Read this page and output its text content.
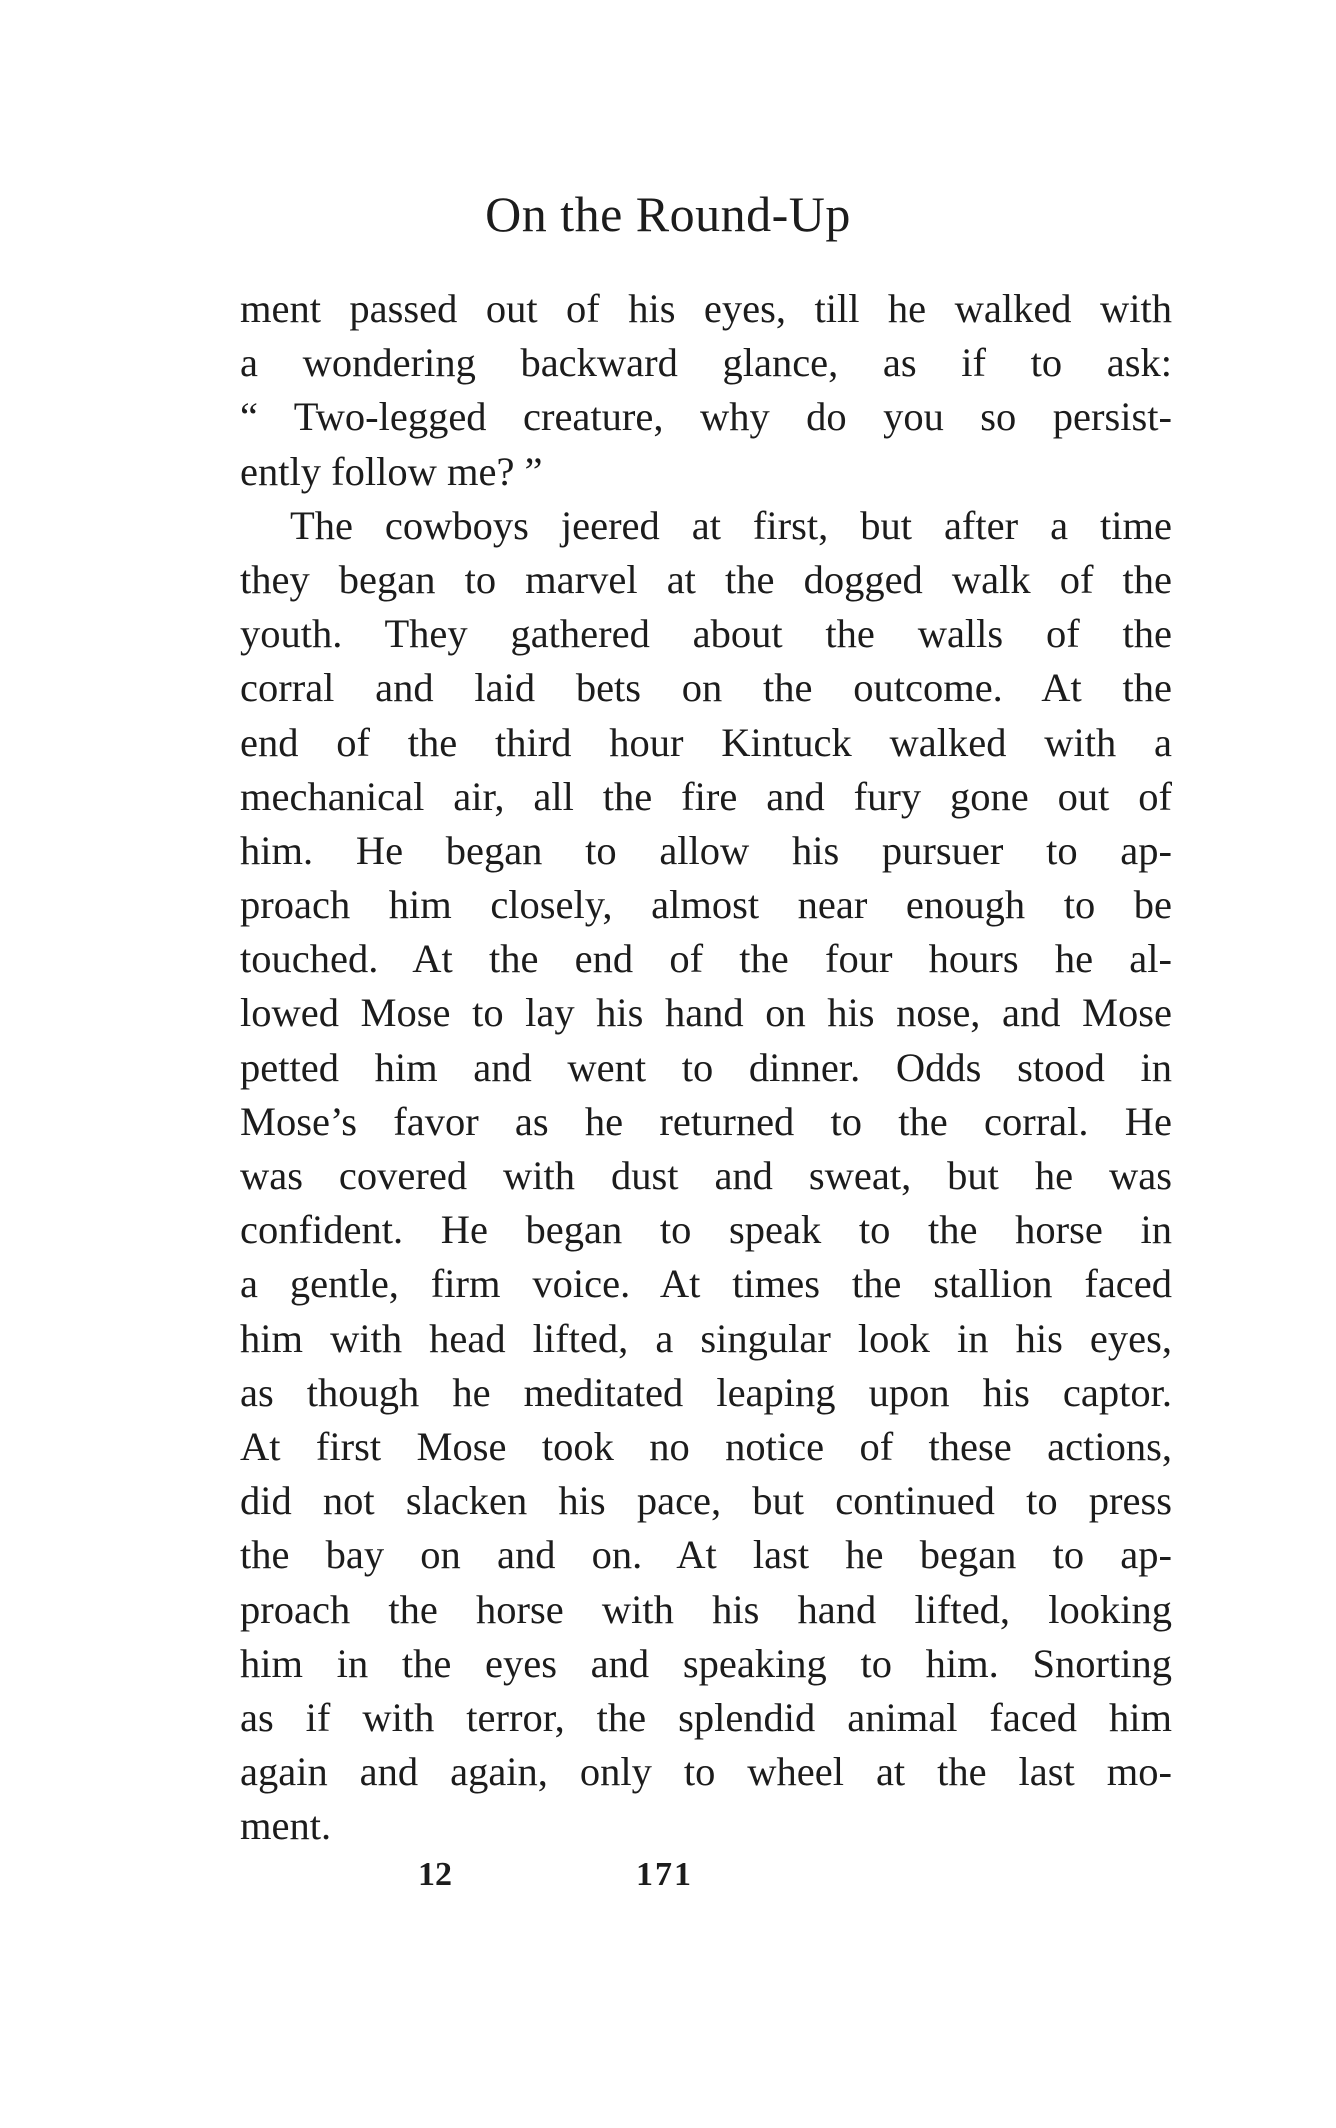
On the Round-Up
ment passed out of his eyes, till he walked with
a wondering backward glance, as if to ask:
“ Two-legged creature, why do you so persist-
ently follow me? ”
The cowboys jeered at first, but after a time
they began to marvel at the dogged walk of the
youth. They gathered about the walls of the
corral and laid bets on the outcome. At the
end of the third hour Kintuck walked with a
mechanical air, all the fire and fury gone out of
him. He began to allow his pursuer to ap-
proach him closely, almost near enough to be
touched. At the end of the four hours he al-
lowed Mose to lay his hand on his nose, and Mose
petted him and went to dinner. Odds stood in
Mose’s favor as he returned to the corral. He
was covered with dust and sweat, but he was
confident. He began to speak to the horse in
a gentle, firm voice. At times the stallion faced
him with head lifted, a singular look in his eyes,
as though he meditated leaping upon his captor.
At first Mose took no notice of these actions,
did not slacken his pace, but continued to press
the bay on and on. At last he began to ap-
proach the horse with his hand lifted, looking
him in the eyes and speaking to him. Snorting
as if with terror, the splendid animal faced him
again and again, only to wheel at the last mo-
ment.
12	171
